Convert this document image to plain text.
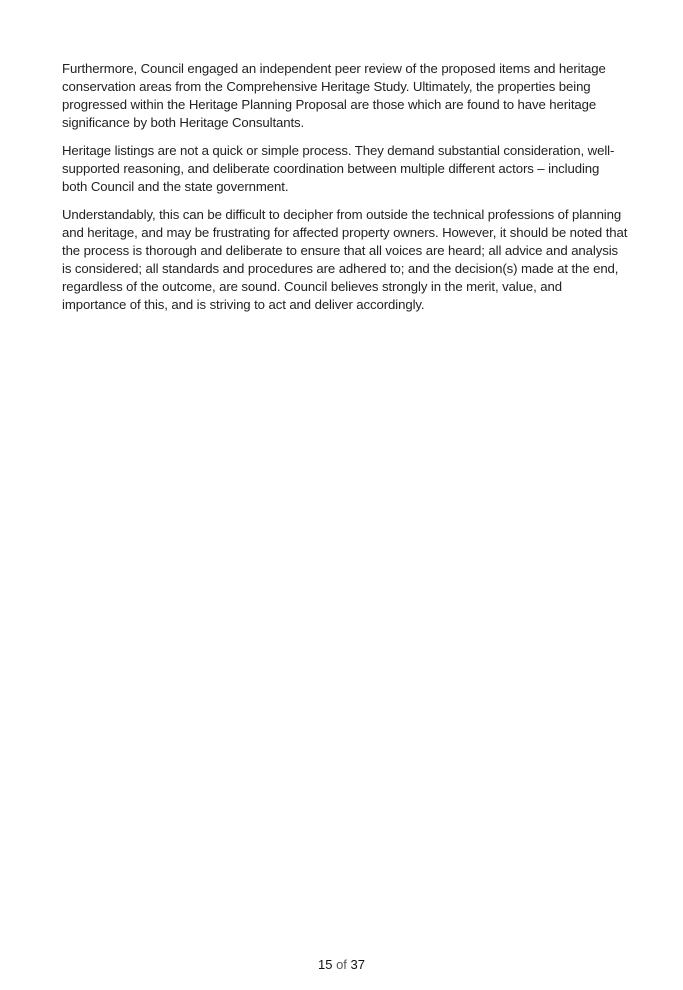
Furthermore, Council engaged an independent peer review of the proposed items and heritage conservation areas from the Comprehensive Heritage Study. Ultimately, the properties being progressed within the Heritage Planning Proposal are those which are found to have heritage significance by both Heritage Consultants.

Heritage listings are not a quick or simple process. They demand substantial consideration, well-supported reasoning, and deliberate coordination between multiple different actors – including both Council and the state government.

Understandably, this can be difficult to decipher from outside the technical professions of planning and heritage, and may be frustrating for affected property owners. However, it should be noted that the process is thorough and deliberate to ensure that all voices are heard; all advice and analysis is considered; all standards and procedures are adhered to; and the decision(s) made at the end, regardless of the outcome, are sound. Council believes strongly in the merit, value, and importance of this, and is striving to act and deliver accordingly.

15 of 37
